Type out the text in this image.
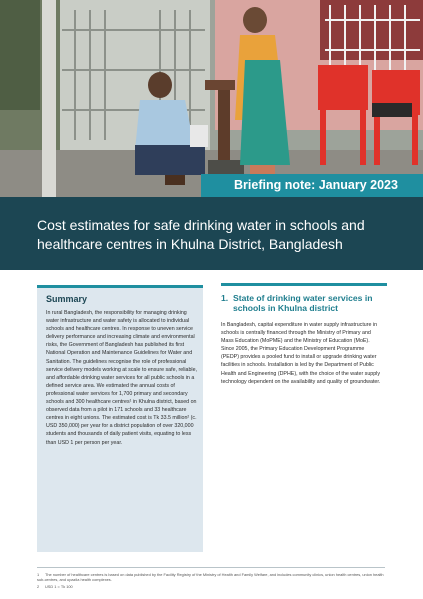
Briefing note: January 2023
Cost estimates for safe drinking water in schools and healthcare centres in Khulna District, Bangladesh
Summary

In rural Bangladesh, the responsibility for managing drinking water infrastructure and water safety is allocated to individual schools and healthcare centres. In response to uneven service delivery performance and increasing climate and environmental risks, the Government of Bangladesh has published its first National Operation and Maintenance Guidelines for Water and Sanitation. The guidelines recognise the role of professional service delivery models working at scale to ensure safe, reliable, and affordable drinking water services for all public schools in a defined service area. We estimated the annual costs of professional water services for 1,700 primary and secondary schools and 300 healthcare centres¹ in Khulna district, based on observed data from a pilot in 171 schools and 33 healthcare centres in eight unions. The estimated cost is Tk 33.5 million² (c. USD 350,000) per year for a district population of over 320,000 students and thousands of daily patient visits, equating to less than USD 1 per person per year.

1. State of drinking water services in
schools in Khulna district

In Bangladesh, capital expenditure in water supply infrastructure in schools is centrally financed through the Ministry of Primary and Mass Education (MoPME) and the Ministry of Education (MoE). Since 2005, the Primary Education Development Programme (PEDP) provides a pooled fund to install or upgrade drinking water facilities in schools. Installation is led by the Department of Public Health and Engineering (DPHE), with the choice of the water supply technology dependent on the availability and quality of groundwater.

1 The number of healthcare centres is based on data published by the Facility Registry of the Ministry of Health and Family Welfare, and includes community clinics, union health centres, union health sub-centres, and upazila health complexes.
2 USD 1 = Tk 100
